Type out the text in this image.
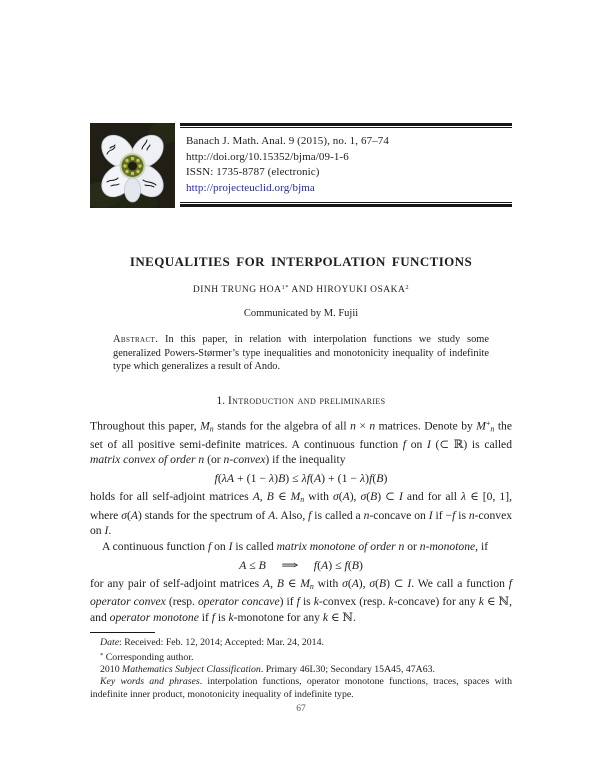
Banach J. Math. Anal. 9 (2015), no. 1, 67–74
http://doi.org/10.15352/bjma/09-1-6
ISSN: 1735-8787 (electronic)
http://projecteuclid.org/bjma
INEQUALITIES FOR INTERPOLATION FUNCTIONS
DINH TRUNG $HOA^{1*}$ AND HIROYUKI OSAKA$^2$
Communicated by M. Fujii
Abstract. In this paper, in relation with interpolation functions we study some generalized Powers-Størmer’s type inequalities and monotonicity inequality of indefinite type which generalizes a result of Ando.
1. Introduction and preliminaries

Throughout this paper, Mn stands for the algebra of all n × n matrices. Denote by M+n the set of all positive semi-definite matrices. A continuous function f on I (⊂ ℝ) is called matrix convex of order n (or n-convex) if the inequality

f(λA + (1 − λ)B) ≤ λf(A) + (1 − λ)f(B)

holds for all self-adjoint matrices A, B ∈ Mn with σ(A), σ(B) ⊂ I and for all λ ∈ [0, 1], where σ(A) stands for the spectrum of A. Also, f is called a n-concave on I if −f is n-convex on I.

A continuous function f on I is called matrix monotone of order n or n-monotone, if

A ≤ B ⇒ f(A) ≤ f(B)

for any pair of self-adjoint matrices A, B ∈ Mn with σ(A), σ(B) ⊂ I. We call a function f operator convex (resp. operator concave) if f is k-convex (resp. k-concave) for any k ∈ ℕ, and operator monotone if f is k-monotone for any k ∈ ℕ.

Date: Received: Feb. 12, 2014; Accepted: Mar. 24, 2014.
* Corresponding author.
2010 Mathematics Subject Classification. Primary 46L30; Secondary 15A45, 47A63.
Key words and phrases. interpolation functions, operator monotone functions, traces, spaces with indefinite inner product, monotonicity inequality of indefinite type.
67
